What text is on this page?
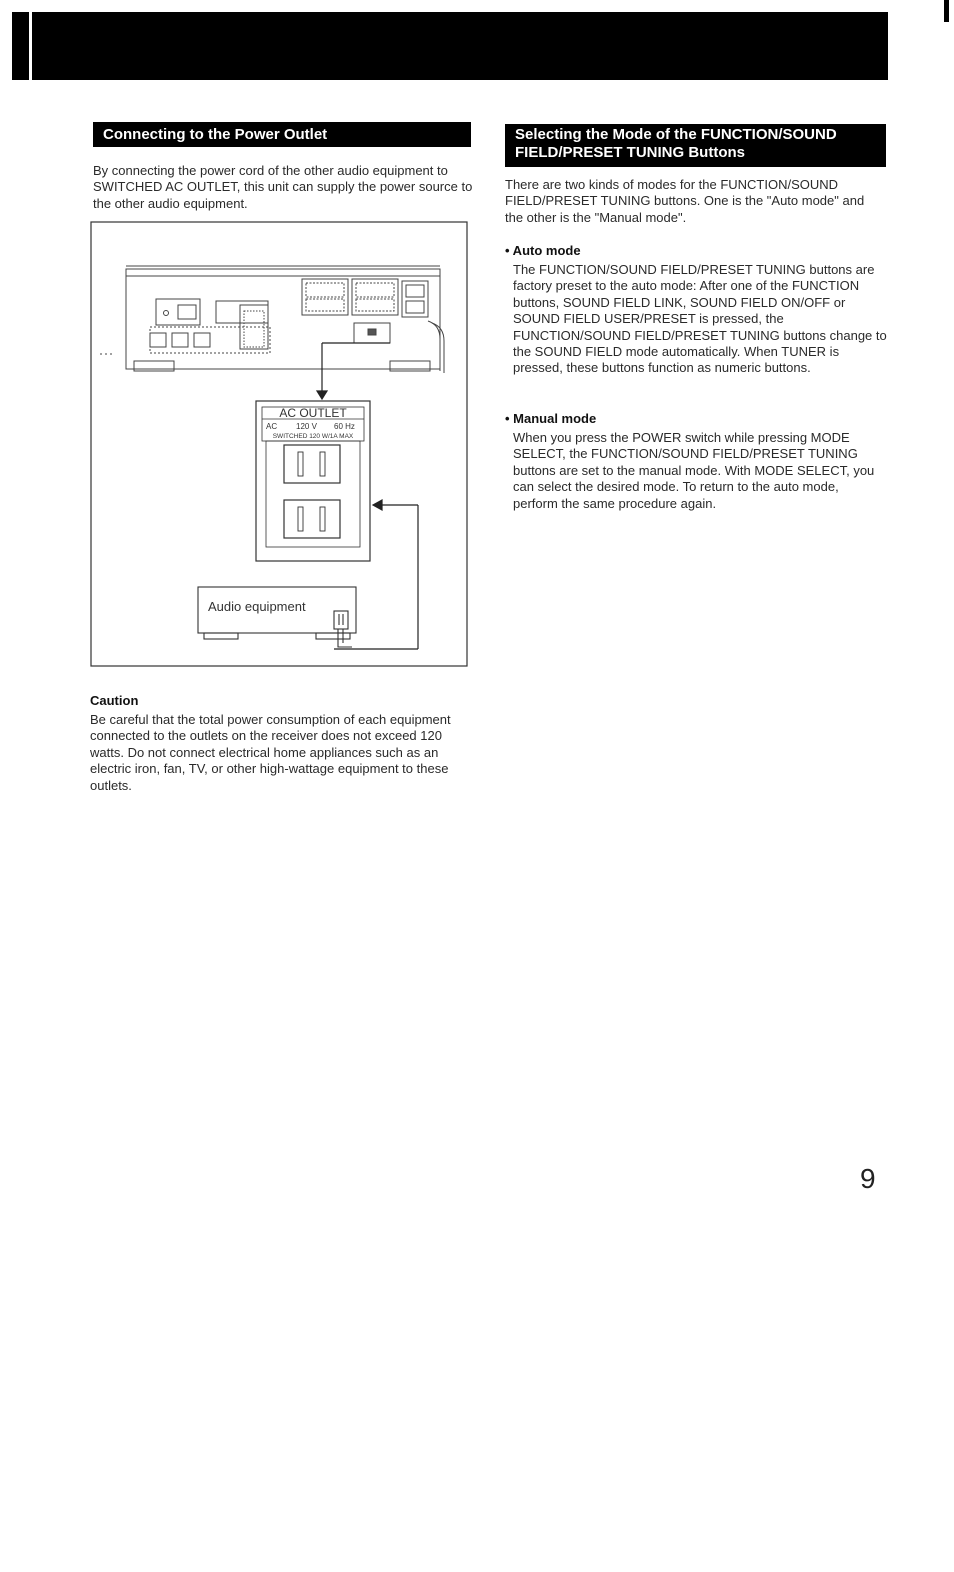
Connecting to the Power Outlet

By connecting the power cord of the other audio equipment to SWITCHED AC OUTLET, this unit can supply the power source to the other audio equipment.

AC OUTLET
AC 120 V 60 Hz
SWITCHED 120 W/1A MAX
Audio equipment

Caution

Be careful that the total power consumption of each equipment connected to the outlets on the receiver does not exceed 120 watts. Do not connect electrical home appliances such as an electric iron, fan, TV, or other high-wattage equipment to these outlets.

Selecting the Mode of the FUNCTION/SOUND FIELD/PRESET TUNING Buttons

There are two kinds of modes for the FUNCTION/SOUND FIELD/PRESET TUNING buttons. One is the "Auto mode" and the other is the "Manual mode".

• Auto mode

The FUNCTION/SOUND FIELD/PRESET TUNING buttons are factory preset to the auto mode: After one of the FUNCTION buttons, SOUND FIELD LINK, SOUND FIELD ON/OFF or SOUND FIELD USER/PRESET is pressed, the FUNCTION/SOUND FIELD/PRESET TUNING buttons change to the SOUND FIELD mode automatically. When TUNER is pressed, these buttons function as numeric buttons.

• Manual mode

When you press the POWER switch while pressing MODE SELECT, the FUNCTION/SOUND FIELD/PRESET TUNING buttons are set to the manual mode. With MODE SELECT, you can select the desired mode. To return to the auto mode, perform the same procedure again.

9
